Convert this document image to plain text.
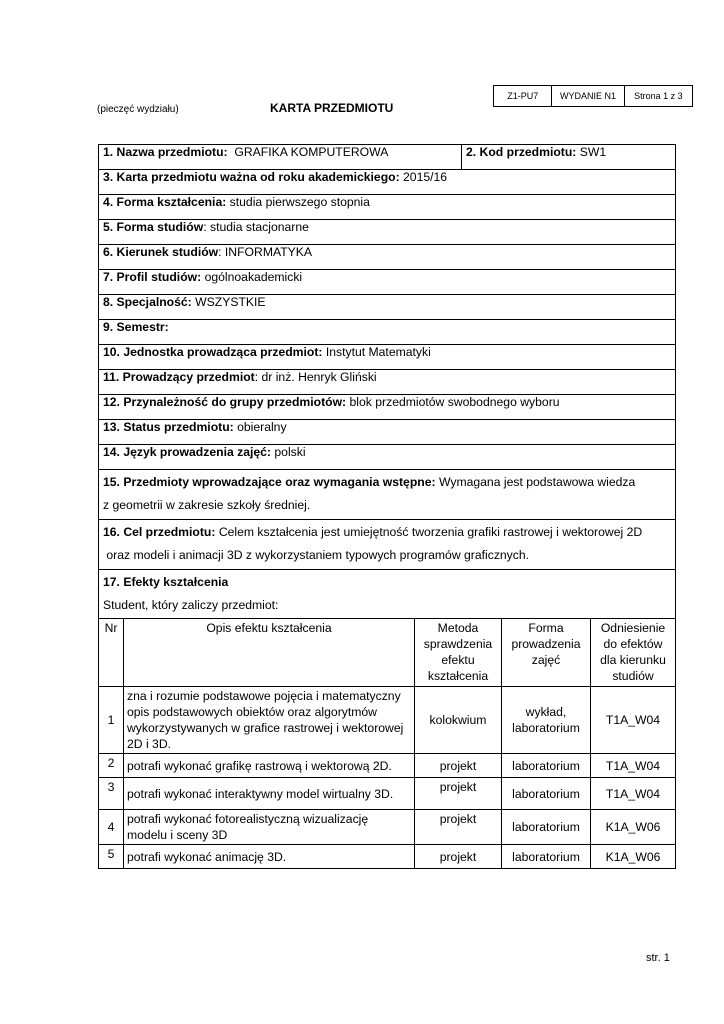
Z1-PU7	WYDANIE N1	Strona 1 z 3
(pieczęć wydziału)	KARTA PRZEDMIOTU
1. Nazwa przedmiotu: GRAFIKA KOMPUTEROWA	2. Kod przedmiotu: SW1
3. Karta przedmiotu ważna od roku akademickiego: 2015/16
4. Forma kształcenia: studia pierwszego stopnia
5. Forma studiów: studia stacjonarne
6. Kierunek studiów: INFORMATYKA
7. Profil studiów: ogólnoakademicki
8. Specjalność: WSZYSTKIE
9. Semestr:
10. Jednostka prowadząca przedmiot: Instytut Matematyki
11. Prowadzący przedmiot: dr inż. Henryk Gliński
12. Przynależność do grupy przedmiotów: blok przedmiotów swobodnego wyboru
13. Status przedmiotu: obieralny
14. Język prowadzenia zajęć: polski
15. Przedmioty wprowadzające oraz wymagania wstępne: Wymagana jest podstawowa wiedza
z geometrii w zakresie szkoły średniej.
16. Cel przedmiotu: Celem kształcenia jest umiejętność tworzenia grafiki rastrowej i wektorowej 2D
oraz modeli i animacji 3D z wykorzystaniem typowych programów graficznych.
17. Efekty kształcenia
Student, który zaliczy przedmiot:
Nr	Opis efektu kształcenia	Metoda sprawdzenia efektu kształcenia	Forma prowadzenia zajęć	Odniesienie do efektów dla kierunku studiów
1	zna i rozumie podstawowe pojęcia i matematyczny opis podstawowych obiektów oraz algorytmów wykorzystywanych w grafice rastrowej i wektorowej 2D i 3D.	kolokwium	wykład, laboratorium	T1A_W04
2	potrafi wykonać grafikę rastrową i wektorową 2D.	projekt	laboratorium	T1A_W04
3	potrafi wykonać interaktywny model wirtualny 3D.	projekt	laboratorium	T1A_W04
4	potrafi wykonać fotorealistyczną wizualizację modelu i sceny 3D	projekt	laboratorium	K1A_W06
5	potrafi wykonać animację 3D.	projekt	laboratorium	K1A_W06
str. 1
